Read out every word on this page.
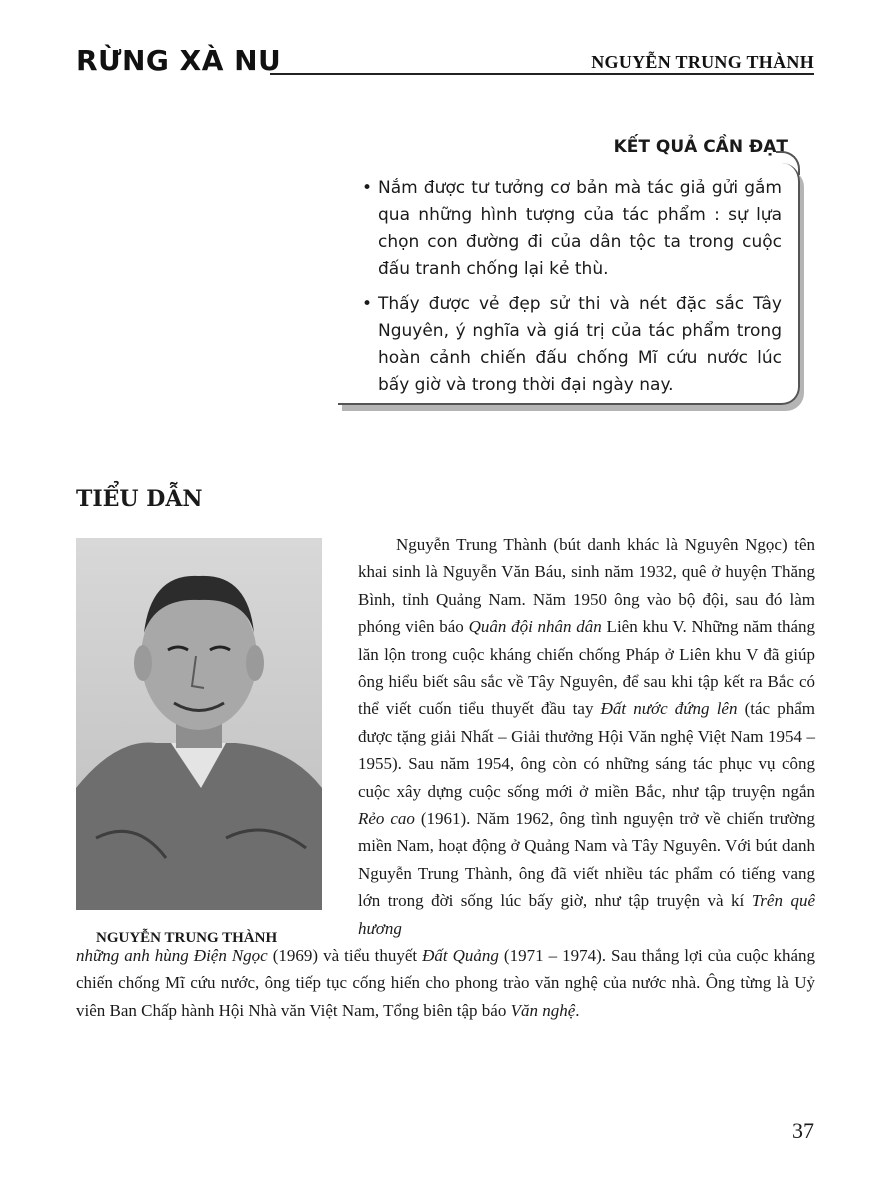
RỪNG XÀ NU	NGUYỄN TRUNG THÀNH
KẾT QUẢ CẦN ĐẠT
• Nắm được tư tưởng cơ bản mà tác giả gửi gắm qua những hình tượng của tác phẩm : sự lựa chọn con đường đi của dân tộc ta trong cuộc đấu tranh chống lại kẻ thù.
• Thấy được vẻ đẹp sử thi và nét đặc sắc Tây Nguyên, ý nghĩa và giá trị của tác phẩm trong hoàn cảnh chiến đấu chống Mĩ cứu nước lúc bấy giờ và trong thời đại ngày nay.
TIỂU DẪN
NGUYỄN TRUNG THÀNH

Nguyễn Trung Thành (bút danh khác là Nguyên Ngọc) tên khai sinh là Nguyễn Văn Báu, sinh năm 1932, quê ở huyện Thăng Bình, tỉnh Quảng Nam. Năm 1950 ông vào bộ đội, sau đó làm phóng viên báo Quân đội nhân dân Liên khu V. Những năm tháng lăn lộn trong cuộc kháng chiến chống Pháp ở Liên khu V đã giúp ông hiểu biết sâu sắc về Tây Nguyên, để sau khi tập kết ra Bắc có thể viết cuốn tiểu thuyết đầu tay Đất nước đứng lên (tác phẩm được tặng giải Nhất – Giải thưởng Hội Văn nghệ Việt Nam 1954 – 1955). Sau năm 1954, ông còn có những sáng tác phục vụ công cuộc xây dựng cuộc sống mới ở miền Bắc, như tập truyện ngắn Rẻo cao (1961). Năm 1962, ông tình nguyện trở về chiến trường miền Nam, hoạt động ở Quảng Nam và Tây Nguyên. Với bút danh Nguyễn Trung Thành, ông đã viết nhiều tác phẩm có tiếng vang lớn trong đời sống lúc bấy giờ, như tập truyện và kí Trên quê hương

những anh hùng Điện Ngọc (1969) và tiểu thuyết Đất Quảng (1971 – 1974). Sau thắng lợi của cuộc kháng chiến chống Mĩ cứu nước, ông tiếp tục cống hiến cho phong trào văn nghệ của nước nhà. Ông từng là Uỷ viên Ban Chấp hành Hội Nhà văn Việt Nam, Tổng biên tập báo Văn nghệ.

37
